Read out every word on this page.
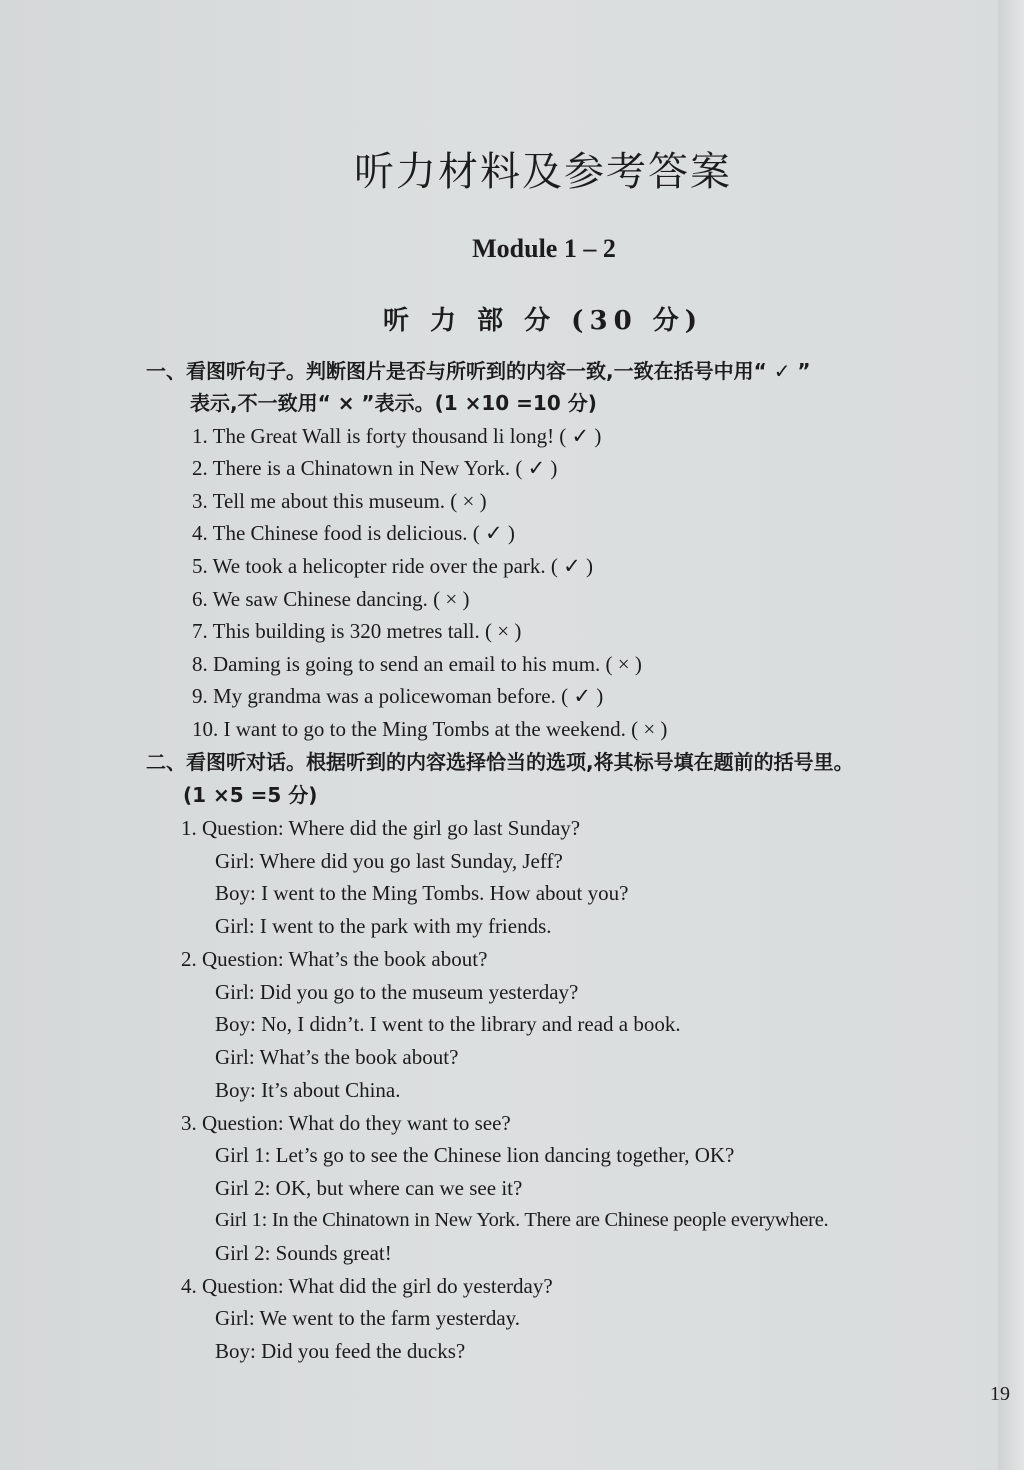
听力材料及参考答案
Module 1 – 2
听 力 部 分 (30 分)
一、看图听句子。判断图片是否与所听到的内容一致,一致在括号中用“ ✓ ”
表示,不一致用“ × ”表示。(1 ×10 =10 分)
1. The Great Wall is forty thousand li long! ( ✓ )
2. There is a Chinatown in New York. ( ✓ )
3. Tell me about this museum. ( × )
4. The Chinese food is delicious. ( ✓ )
5. We took a helicopter ride over the park. ( ✓ )
6. We saw Chinese dancing. ( × )
7. This building is 320 metres tall. ( × )
8. Daming is going to send an email to his mum. ( × )
9. My grandma was a policewoman before. ( ✓ )
10. I want to go to the Ming Tombs at the weekend. ( × )
二、看图听对话。根据听到的内容选择恰当的选项,将其标号填在题前的括号里。
(1 ×5 =5 分)
1. Question: Where did the girl go last Sunday?
Girl: Where did you go last Sunday, Jeff?
Boy: I went to the Ming Tombs. How about you?
Girl: I went to the park with my friends.
2. Question: What’s the book about?
Girl: Did you go to the museum yesterday?
Boy: No, I didn’t. I went to the library and read a book.
Girl: What’s the book about?
Boy: It’s about China.
3. Question: What do they want to see?
Girl 1: Let’s go to see the Chinese lion dancing together, OK?
Girl 2: OK, but where can we see it?
Girl 1: In the Chinatown in New York. There are Chinese people everywhere.
Girl 2: Sounds great!
4. Question: What did the girl do yesterday?
Girl: We went to the farm yesterday.
Boy: Did you feed the ducks?
19
